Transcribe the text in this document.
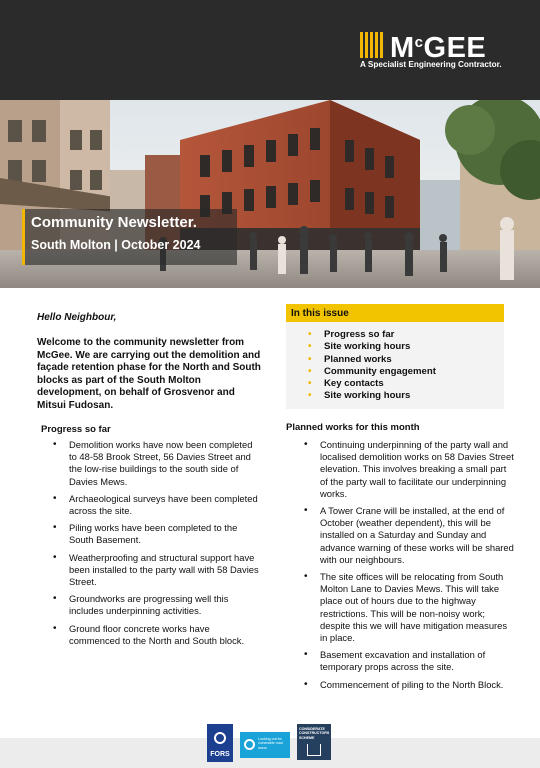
$M^cGEE$
A Specialist Engineering Contractor.
Community Newsletter.
South Molton | October 2024
Hello Neighbour,
Welcome to the community newsletter from McGee. We are carrying out the demolition and façade retention phase for the North and South blocks as part of the South Molton development, on behalf of Grosvenor and Mitsui Fudosan.
Progress so far
• Demolition works have now been completed to 48-58 Brook Street, 56 Davies Street and the low-rise buildings to the south side of Davies Mews.
• Archaeological surveys have been completed across the site.
• Piling works have been completed to the South Basement.
• Weatherproofing and structural support have been installed to the party wall with 58 Davies Street.
• Groundworks are progressing well this includes underpinning activities.
• Ground floor concrete works have commenced to the North and South block.
In this issue
• Progress so far
• Site working hours
• Planned works
• Community engagement
• Key contacts
• Site working hours
Planned works for this month
• Continuing underpinning of the party wall and localised demolition works on 58 Davies Street elevation. This involves breaking a small part of the party wall to facilitate our underpinning works.
• A Tower Crane will be installed, at the end of October (weather dependent), this will be installed on a Saturday and Sunday and advance warning of these works will be shared with our neighbours.
• The site offices will be relocating from South Molton Lane to Davies Mews. This will take place out of hours due to the highway restrictions. This will be non-noisy work; despite this we will have mitigation measures in place.
• Basement excavation and installation of temporary props across the site.
• Commencement of piling to the North Block.
FORS
Looking out for vulnerable road users
CONSIDERATE CONSTRUCTORS SCHEME
